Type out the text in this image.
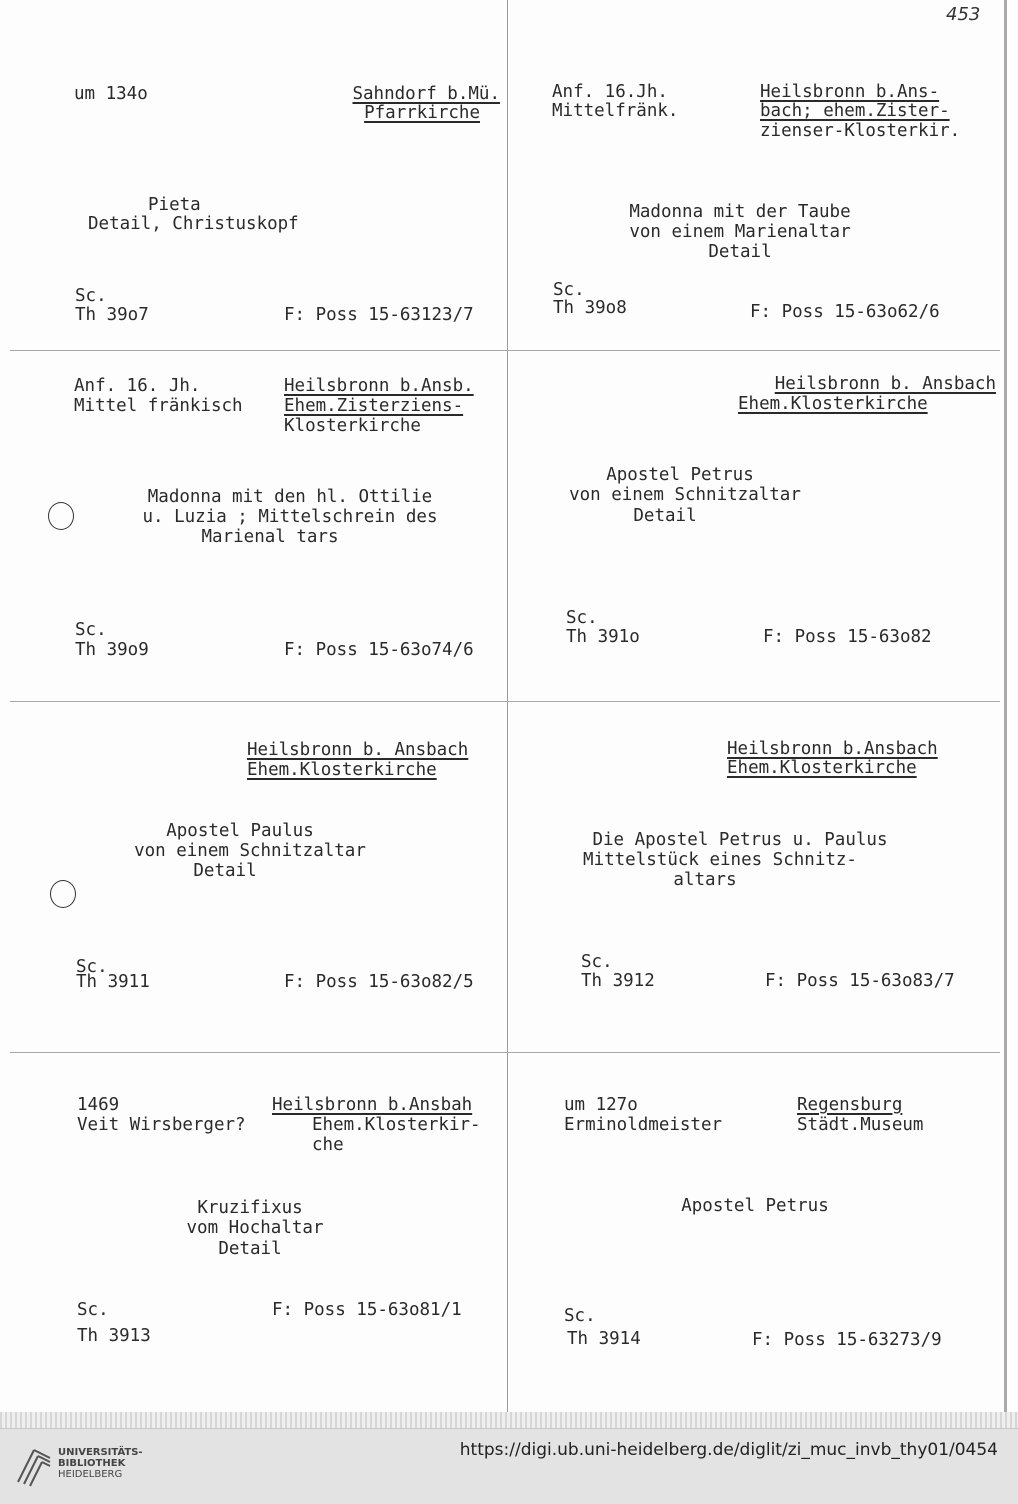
453
um 134o	Sahndorf b.Mü.
Pfarrkirche
Pieta
Detail, Christuskopf
Sc.
Th 39o7	F: Poss 15-63123/7
Anf. 16.Jh.
Mittelfränk.
Heilsbronn b.Ans-
bach; ehem.Zister-
zienser-Klosterkir.
Madonna mit der Taube
von einem Marienaltar
Detail
Sc.
Th 39o8	F: Poss 15-63o62/6
Anf. 16. Jh.
Mittel fränkisch
Heilsbronn b.Ansb.
Ehem.Zisterziens-
Klosterkirche
Madonna mit den hl. Ottilie
u. Luzia ; Mittelschrein des
Marienal tars
Sc.
Th 39o9	F: Poss 15-63o74/6
Heilsbronn b. Ansbach
Ehem.Klosterkirche
Apostel Petrus
von einem Schnitzaltar
Detail
Sc.
Th 391o	F: Poss 15-63o82
Heilsbronn b. Ansbach
Ehem.Klosterkirche
Apostel Paulus
von einem Schnitzaltar
Detail
Sc.
Th 3911	F: Poss 15-63o82/5
Heilsbronn b.Ansbach
Ehem.Klosterkirche
Die Apostel Petrus u. Paulus
Mittelstück eines Schnitz-
altars
Sc.
Th 3912	F: Poss 15-63o83/7
1469
Veit Wirsberger?
Heilsbronn b.Ansbah
Ehem.Klosterkir-
che
Kruzifixus
vom Hochaltar
Detail
Sc.
Th 3913
F: Poss 15-63o81/1
um 127o
Erminoldmeister
Regensburg
Städt.Museum
Apostel Petrus
Sc.
Th 3914	F: Poss 15-63273/9
UNIVERSITÄTS-
BIBLIOTHEK
HEIDELBERG
https://digi.ub.uni-heidelberg.de/diglit/zi_muc_invb_thy01/0454
